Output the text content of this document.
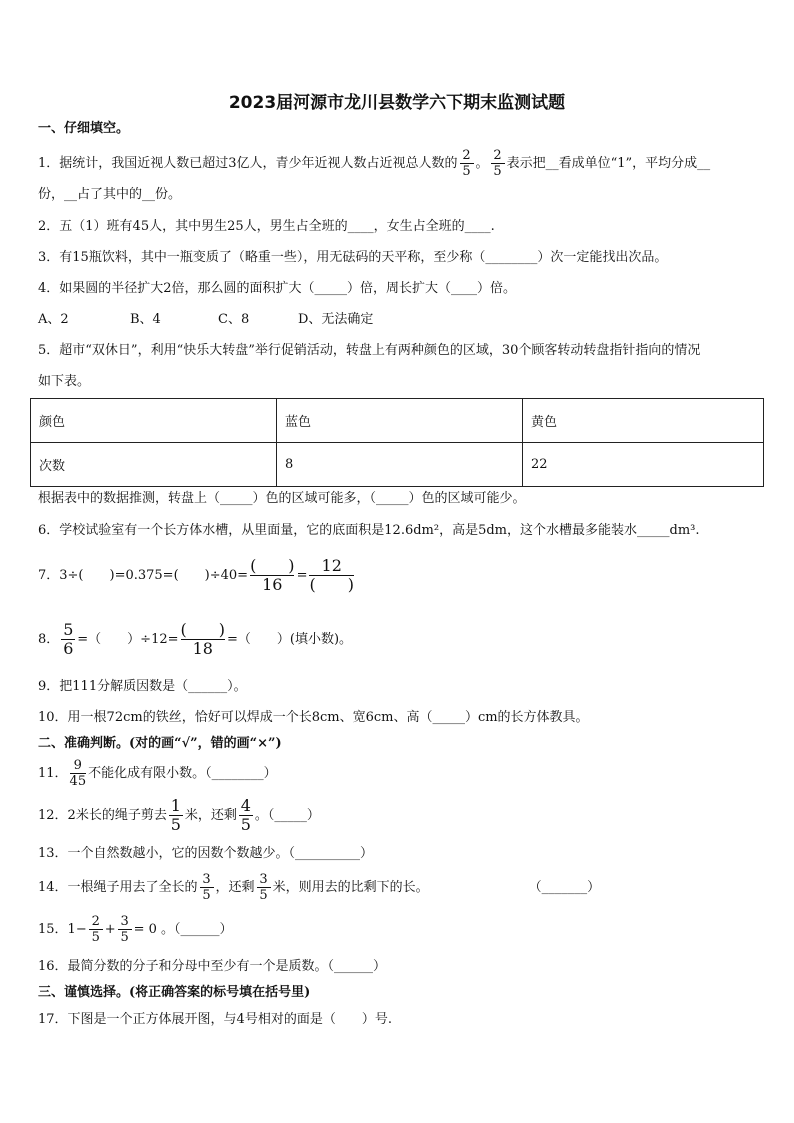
2023届河源市龙川县数学六下期末监测试题
一、仔细填空。
1．据统计，我国近视人数已超过3亿人，青少年近视人数占近视总人数的 $\frac{2}{5}$ 。 $\frac{2}{5}$ 表示把__看成单位“1”，平均分成__
份，__占了其中的__份。
2．五（1）班有45人，其中男生25人，男生占全班的____，女生占全班的____.
3．有15瓶饮料，其中一瓶变质了（略重一些），用无砝码的天平称，至少称（________）次一定能找出次品。
4．如果圆的半径扩大2倍，那么圆的面积扩大（_____）倍，周长扩大（____）倍。
A、2	B、4	C、8	D、无法确定
5．超市“双休日”，利用“快乐大转盘”举行促销活动，转盘上有两种颜色的区域，30个顾客转动转盘指针指向的情况
如下表。
颜色	蓝色	黄色
次数	8	22
根据表中的数据推测，转盘上（_____）色的区域可能多，（_____）色的区域可能少。
6．学校试验室有一个长方体水槽，从里面量，它的底面积是12.6dm²，高是5dm，这个水槽最多能装水_____dm³.
7．3÷(　　)=0.375=(　　)$\div 40= \frac{( )}{16} = \frac{12}{( )}$
8． $\frac{5}{6}$ =（　　）$\div 12= \frac{( )}{18}$ =（　　）(填小数)。
9．把111分解质因数是（______）。
10．用一根72cm的铁丝，恰好可以焊成一个长8cm、宽6cm、高（_____）cm的长方体教具。
二、准确判断。(对的画“√”，错的画“×”)
11． $\frac{9}{45}$ 不能化成有限小数。（________）
12．2米长的绳子剪去 $\frac{1}{5}$ 米，还剩 $\frac{4}{5}$ 。（_____）
13．一个自然数越小，它的因数个数越少。（__________）
14．一根绳子用去了全长的 $\frac{3}{5}$ ，还剩 $\frac{3}{5}$ 米，则用去的比剩下的长。	（_______）
15．$1- \frac{2}{5} + \frac{3}{5} = 0$ 。（______）
16．最简分数的分子和分母中至少有一个是质数。（______）
三、谨慎选择。(将正确答案的标号填在括号里)
17．下图是一个正方体展开图，与4号相对的面是（　　）号.
